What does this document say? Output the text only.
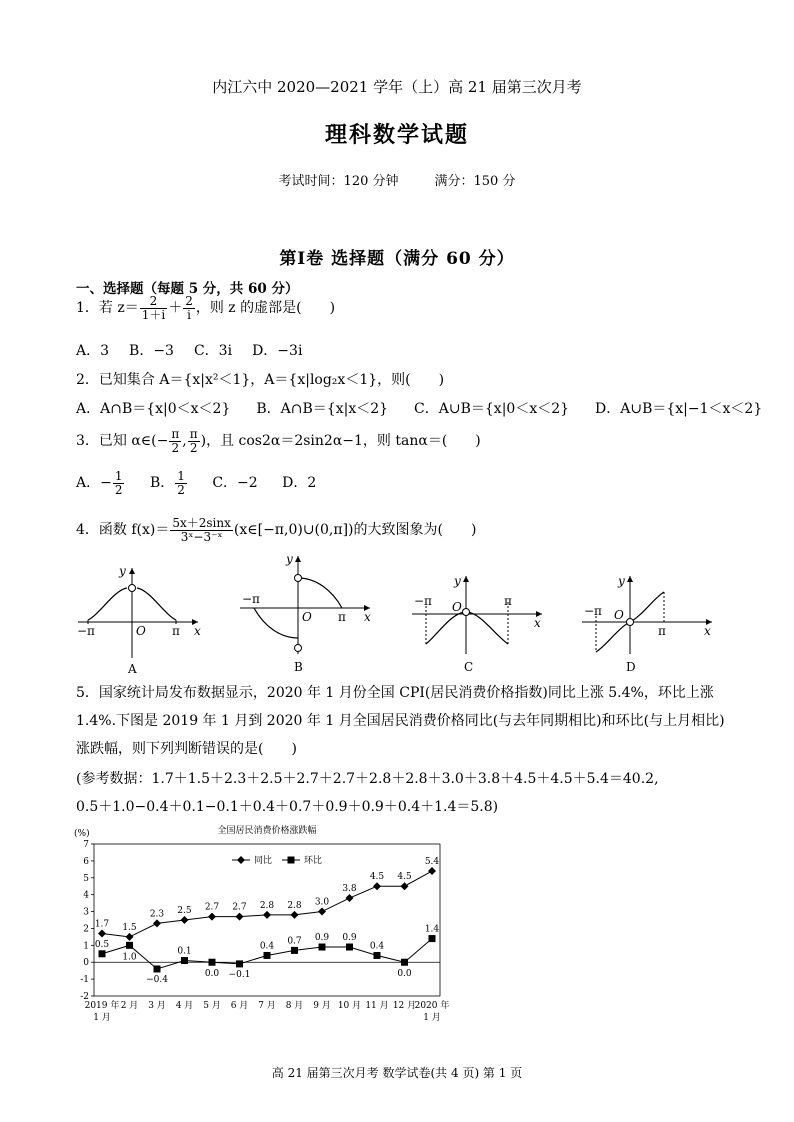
内江六中 2020—2021 学年（上）高 21 届第三次月考
理科数学试题
考试时间：120 分钟	满分：150 分
第Ⅰ卷 选择题（满分 60 分）
一、选择题（每题 5 分，共 60 分）
1．若 $z= \frac{2}{1+i} + \frac{2}{i}$ ，则 z 的虚部是(　　)
A．3 B．−3 C．3i D．−3i
2．已知集合 A＝{x|x²＜1}，A＝{x|log₂x＜1}，则(　　)
A．A∩B＝{x|0＜x＜2} B．A∩B＝{x|x＜2} C．A∪B＝{x|0＜x＜2} D．A∪B＝{x|−1＜x＜2}
3．已知 α∈(− $\frac{\pi}{2}$ , $\frac{\pi}{2}$ )，且 cos2α＝2sin2α−1，则 tanα＝(　　)
A．− $\frac{1}{2}$ B． $\frac{1}{2}$ C．−2 D．2
4．函数 $f(x)= \frac{5x+2\sin x}{\text{3ˣ−3⁻ˣ}}$ (x∈[−π,0)∪(0,π])的大致图象为(　　)
y
x
O
−π	π
A
y
x
O
−π
π
B
y
x
O
−π	π
C
y
x
O
−π
π
D
5．国家统计局发布数据显示，2020 年 1 月份全国 CPI(居民消费价格指数)同比上涨 5.4%，环比上涨
1.4%.下图是 2019 年 1 月到 2020 年 1 月全国居民消费价格同比(与去年同期相比)和环比(与上月相比)
涨跌幅，则下列判断错误的是(　　)
(参考数据：1.7＋1.5＋2.3＋2.5＋2.7＋2.7＋2.8＋2.8＋3.0＋3.8＋4.5＋4.5＋5.4＝40.2,
0.5＋1.0−0.4＋0.1−0.1＋0.4＋0.7＋0.9＋0.9＋0.4＋1.4＝5.8)
(%)	全国居民消费价格涨跌幅
-2
-1
0
1
2
3
4
5
6
7
2019 年
1 月
2 月 3 月 4 月 5 月 6 月 7 月 8 月 9 月 10 月 11 月 12 月
2020 年
1 月
1.7 1.5
2.3 2.5 2.7 2.7 2.8 2.8 3.0
3.8
4.5 4.5
5.4
0.5
1.0
−0.4
0.1
0.0 −0.1
0.4
0.7 0.9 0.9
0.4
0.0
1.4
同比	环比
高 21 届第三次月考 数学试卷(共 4 页) 第 1 页
